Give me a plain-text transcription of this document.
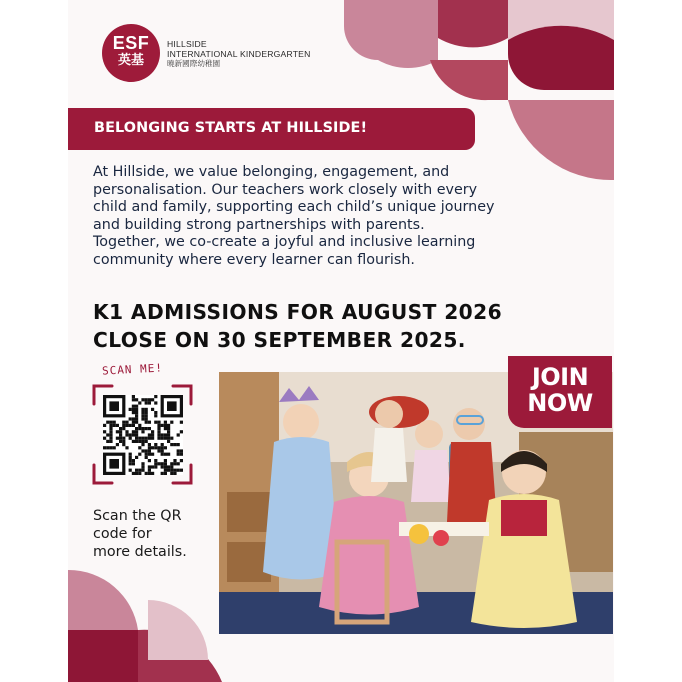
ESF
英基
HILLSIDE
INTERNATIONAL KINDERGARTEN
曉新國際幼稚園
BELONGING STARTS AT HILLSIDE!
At Hillside, we value belonging, engagement, and
personalisation. Our teachers work closely with every
child and family, supporting each child’s unique journey
and building strong partnerships with parents.
Together, we co-create a joyful and inclusive learning
community where every learner can flourish.
K1 ADMISSIONS FOR AUGUST 2026
CLOSE ON 30 SEPTEMBER 2025.
SCAN ME!
Scan the QR
code for
more details.
JOIN
NOW
